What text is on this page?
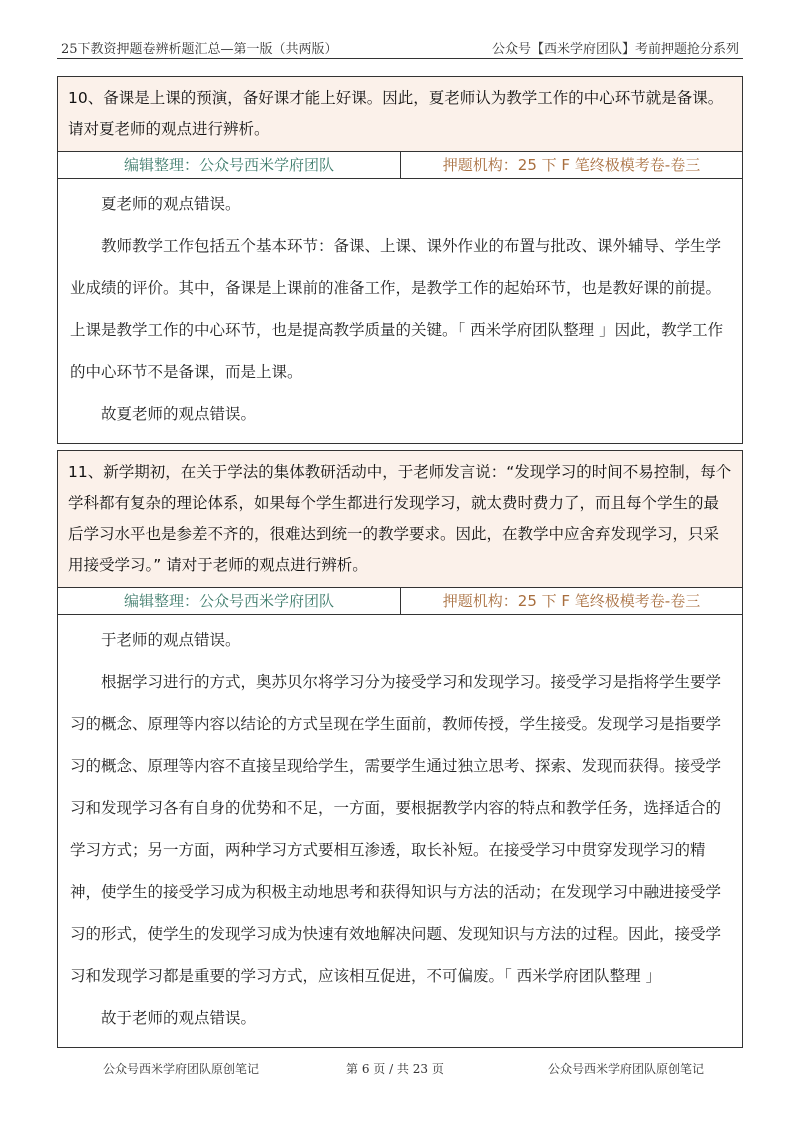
25下教资押题卷辨析题汇总—第一版（共两版）	公众号【西米学府团队】考前押题抢分系列
10、备课是上课的预演，备好课才能上好课。因此，夏老师认为教学工作的中心环节就是备课。请对夏老师的观点进行辨析。
编辑整理：公众号西米学府团队	押题机构：25 下 F 笔终极模考卷-卷三

夏老师的观点错误。

教师教学工作包括五个基本环节：备课、上课、课外作业的布置与批改、课外辅导、学生学业成绩的评价。其中，备课是上课前的准备工作，是教学工作的起始环节，也是教好课的前提。上课是教学工作的中心环节，也是提高教学质量的关键。「 西米学府团队整理 」因此，教学工作的中心环节不是备课，而是上课。

故夏老师的观点错误。

11、新学期初，在关于学法的集体教研活动中，于老师发言说：“发现学习的时间不易控制，每个学科都有复杂的理论体系，如果每个学生都进行发现学习，就太费时费力了，而且每个学生的最后学习水平也是参差不齐的，很难达到统一的教学要求。因此，在教学中应舍弃发现学习，只采用接受学习。” 请对于老师的观点进行辨析。
编辑整理：公众号西米学府团队	押题机构：25 下 F 笔终极模考卷-卷三

于老师的观点错误。

根据学习进行的方式，奥苏贝尔将学习分为接受学习和发现学习。接受学习是指将学生要学习的概念、原理等内容以结论的方式呈现在学生面前，教师传授，学生接受。发现学习是指要学习的概念、原理等内容不直接呈现给学生，需要学生通过独立思考、探索、发现而获得。接受学习和发现学习各有自身的优势和不足，一方面，要根据教学内容的特点和教学任务，选择适合的学习方式；另一方面，两种学习方式要相互渗透，取长补短。在接受学习中贯穿发现学习的精神，使学生的接受学习成为积极主动地思考和获得知识与方法的活动；在发现学习中融进接受学习的形式，使学生的发现学习成为快速有效地解决问题、发现知识与方法的过程。因此，接受学习和发现学习都是重要的学习方式，应该相互促进，不可偏废。「 西米学府团队整理 」

故于老师的观点错误。

公众号西米学府团队原创笔记	第 6 页 / 共 23 页	公众号西米学府团队原创笔记
